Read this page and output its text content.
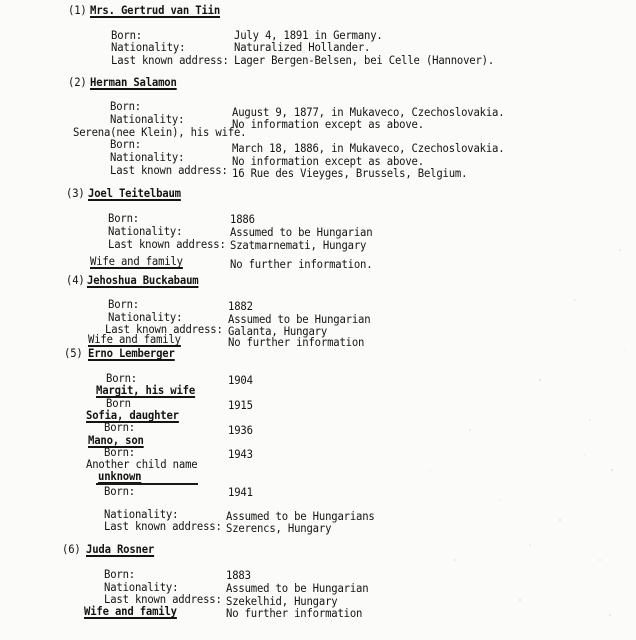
(1) Mrs. Gertrud van Tiin
Born:	July 4, 1891 in Germany.
Nationality:	Naturalized Hollander.
Last known address: Lager Bergen-Belsen, bei Celle (Hannover).
(2) Herman Salamon
Born:	August 9, 1877, in Mukaveco, Czechoslovakia.
Nationality:	No information except as above.
Serena(nee Klein), his wife.
Born:	March 18, 1886, in Mukaveco, Czechoslovakia.
Nationality:	No information except as above.
Last known address: 16 Rue des Vieyges, Brussels, Belgium.
(3) Joel Teitelbaum
Born:	1886
Nationality:	Assumed to be Hungarian
Last known address: Szatmarnemati, Hungary
Wife and family	No further information.
(4) Jehoshua Buckabaum
Born:	1882
Nationality:	Assumed to be Hungarian
Last known address: Galanta, Hungary
Wife and family	No further information
(5) Erno Lemberger
Born:	1904
Margit, his wife
Born	1915
Sofia, daughter
Born:	1936
Mano, son
Born:	1943
Another child name
unknown
Born:	1941
Nationality:	Assumed to be Hungarians
Last known address: Szerencs, Hungary
(6) Juda Rosner
Born:	1883
Nationality:	Assumed to be Hungarian
Last known address: Szekelhid, Hungary
Wife and family	No further information
